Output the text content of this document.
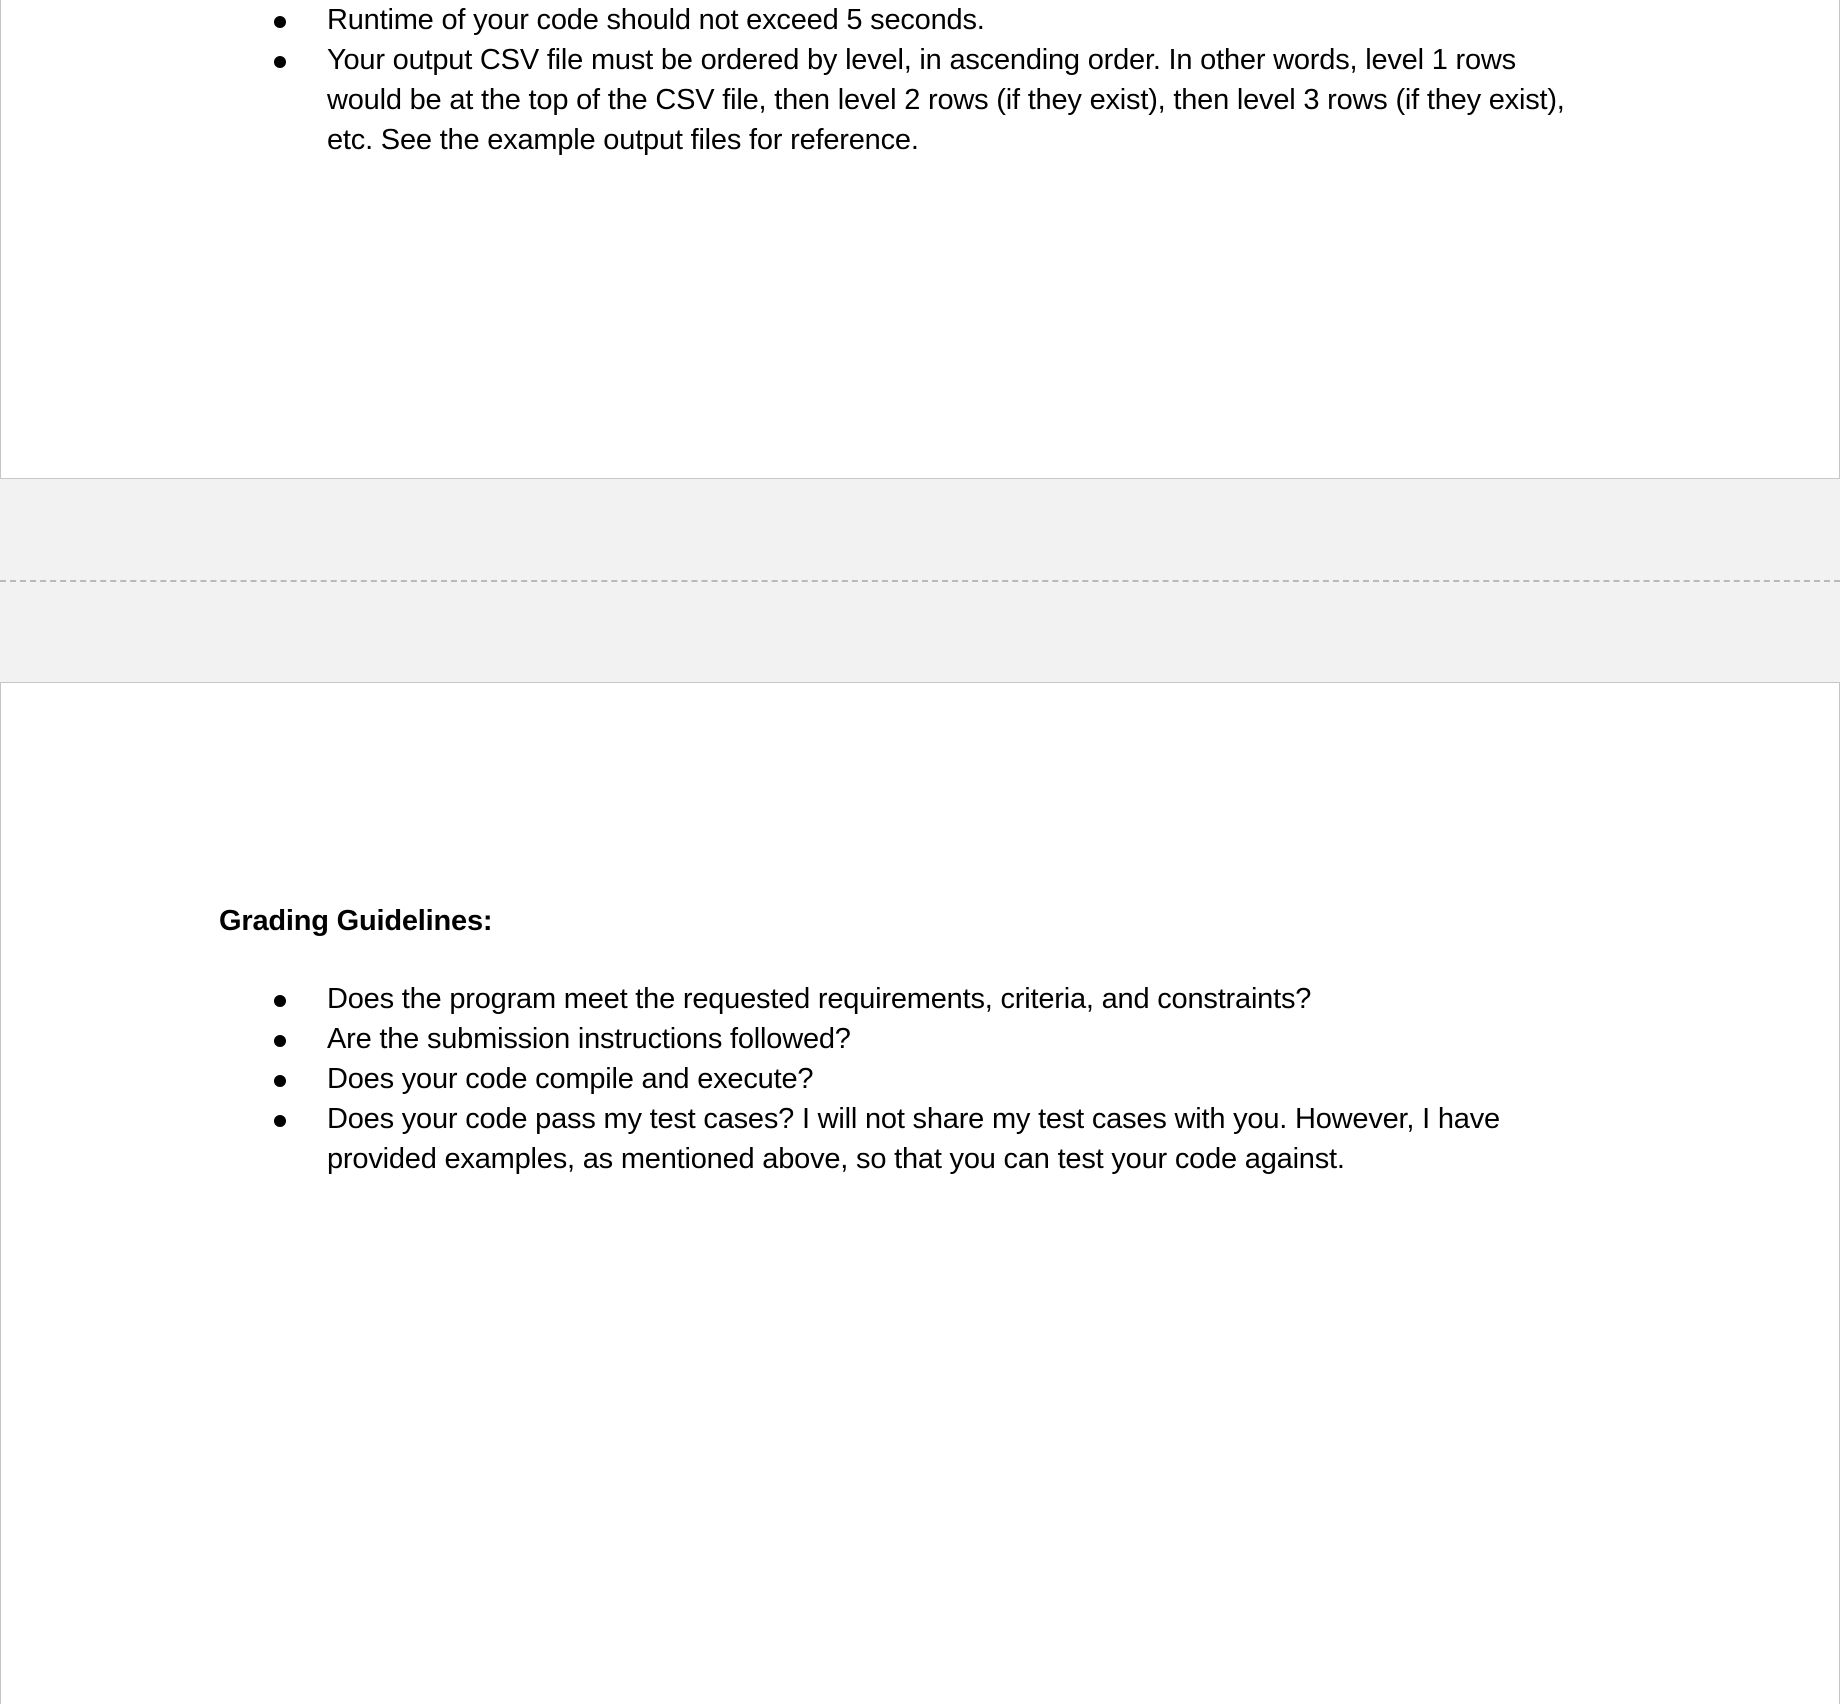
Runtime of your code should not exceed 5 seconds.
Your output CSV file must be ordered by level, in ascending order. In other words, level 1 rows would be at the top of the CSV file, then level 2 rows (if they exist), then level 3 rows (if they exist), etc. See the example output files for reference.
Grading Guidelines:
Does the program meet the requested requirements, criteria, and constraints?
Are the submission instructions followed?
Does your code compile and execute?
Does your code pass my test cases? I will not share my test cases with you. However, I have provided examples, as mentioned above, so that you can test your code against.
